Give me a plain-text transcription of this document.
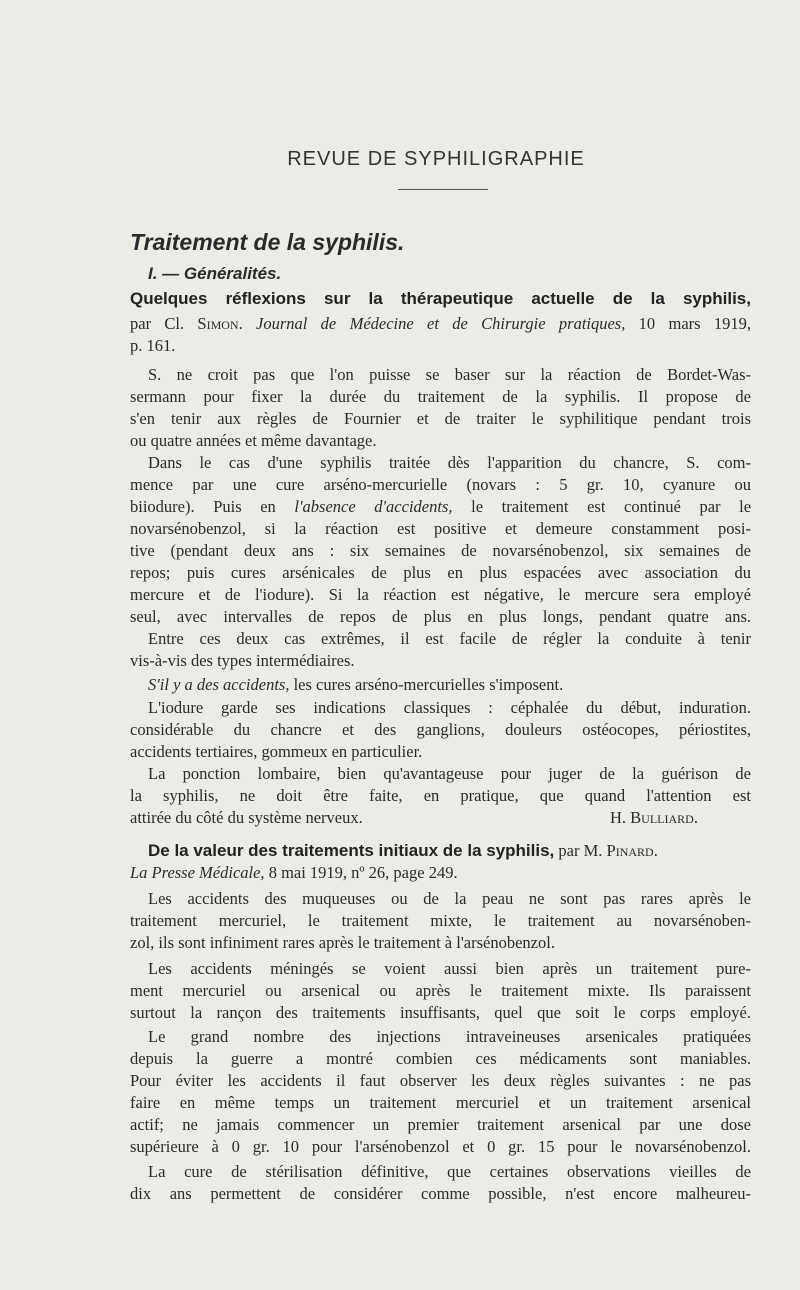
REVUE DE SYPHILIGRAPHIE
Traitement de la syphilis.
I. — Généralités.
Quelques réflexions sur la thérapeutique actuelle de la syphilis,
par Cl. Simon. Journal de Médecine et de Chirurgie pratiques, 10 mars 1919,
p. 161.
S. ne croit pas que l'on puisse se baser sur la réaction de Bordet-Was-
sermann pour fixer la durée du traitement de la syphilis. Il propose de
s'en tenir aux règles de Fournier et de traiter le syphilitique pendant trois
ou quatre années et même davantage.
Dans le cas d'une syphilis traitée dès l'apparition du chancre, S. com-
mence par une cure arséno-mercurielle (novars : 5 gr. 10, cyanure ou
biiodure). Puis en l'absence d'accidents, le traitement est continué par le
novarsénobenzol, si la réaction est positive et demeure constamment posi-
tive (pendant deux ans : six semaines de novarsénobenzol, six semaines de
repos; puis cures arsénicales de plus en plus espacées avec association du
mercure et de l'iodure). Si la réaction est négative, le mercure sera employé
seul, avec intervalles de repos de plus en plus longs, pendant quatre ans.
Entre ces deux cas extrêmes, il est facile de régler la conduite à tenir
vis-à-vis des types intermédiaires.
S'il y a des accidents, les cures arséno-mercurielles s'imposent.
L'iodure garde ses indications classiques : céphalée du début, induration.
considérable du chancre et des ganglions, douleurs ostéocopes, périostites,
accidents tertiaires, gommeux en particulier.
La ponction lombaire, bien qu'avantageuse pour juger de la guérison de
la syphilis, ne doit être faite, en pratique, que quand l'attention est
attirée du côté du système nerveux.	H. Bulliard.
De la valeur des traitements initiaux de la syphilis, par M. Pinard.
La Presse Médicale, 8 mai 1919, nº 26, page 249.
Les accidents des muqueuses ou de la peau ne sont pas rares après le
traitement mercuriel, le traitement mixte, le traitement au novarsénoben-
zol, ils sont infiniment rares après le traitement à l'arsénobenzol.
Les accidents méningés se voient aussi bien après un traitement pure-
ment mercuriel ou arsenical ou après le traitement mixte. Ils paraissent
surtout la rançon des traitements insuffisants, quel que soit le corps employé.
Le grand nombre des injections intraveineuses arsenicales pratiquées
depuis la guerre a montré combien ces médicaments sont maniables.
Pour éviter les accidents il faut observer les deux règles suivantes : ne pas
faire en même temps un traitement mercuriel et un traitement arsenical
actif; ne jamais commencer un premier traitement arsenical par une dose
supérieure à 0 gr. 10 pour l'arsénobenzol et 0 gr. 15 pour le novarsénobenzol.
La cure de stérilisation définitive, que certaines observations vieilles de
dix ans permettent de considérer comme possible, n'est encore malheureu-
